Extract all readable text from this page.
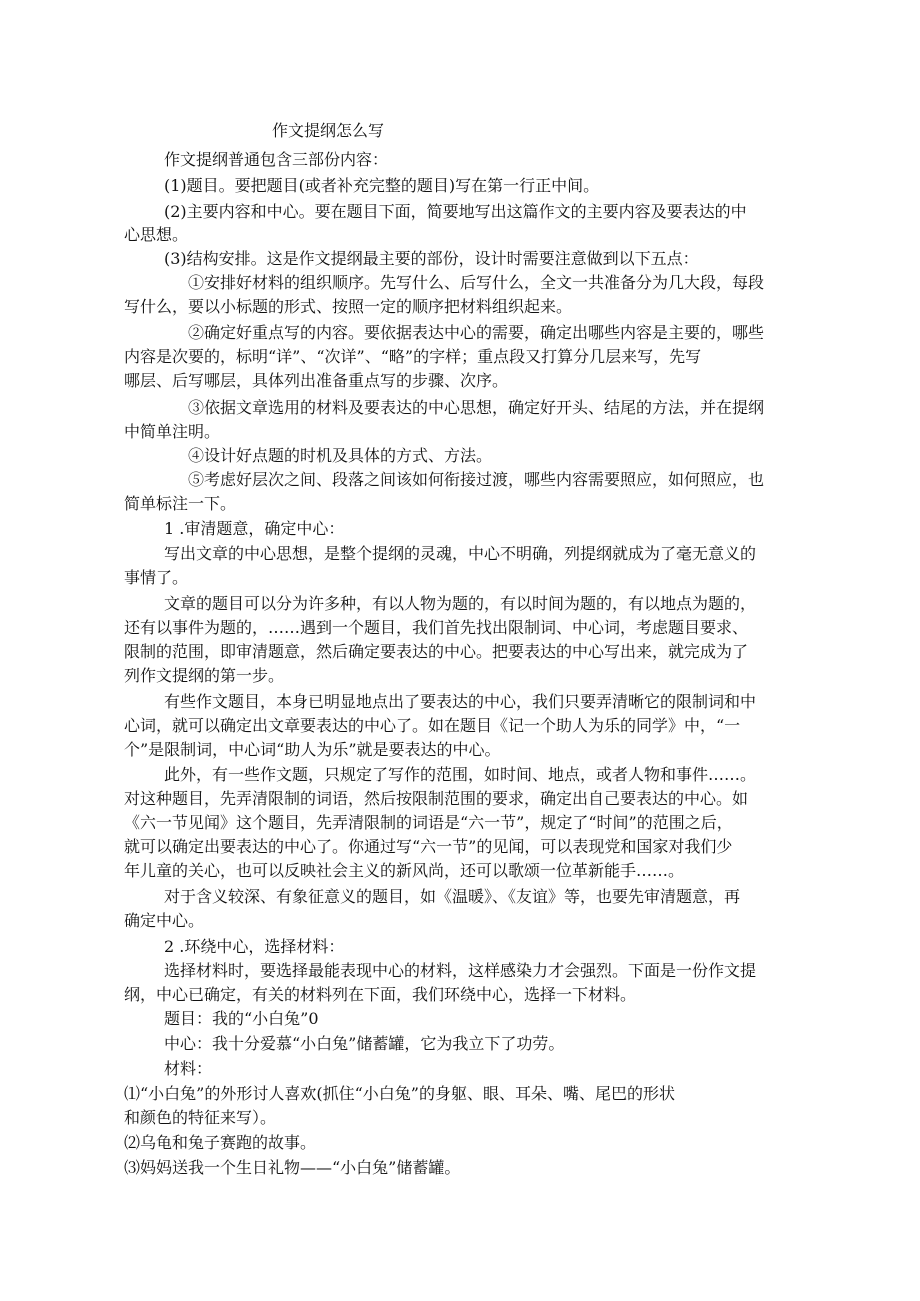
作文提纲怎么写
作文提纲普通包含三部份内容：
(1)题目。要把题目(或者补充完整的题目)写在第一行正中间。
(2)主要内容和中心。要在题目下面，简要地写出这篇作文的主要内容及要表达的中
心思想。
(3)结构安排。这是作文提纲最主要的部份，设计时需要注意做到以下五点：
①安排好材料的组织顺序。先写什么、后写什么，全文一共准备分为几大段，每段
写什么，要以小标题的形式、按照一定的顺序把材料组织起来。
②确定好重点写的内容。要依据表达中心的需要，确定出哪些内容是主要的，哪些
内容是次要的，标明“详”、“次详”、“略”的字样；重点段又打算分几层来写，先写
哪层、后写哪层，具体列出准备重点写的步骤、次序。
③依据文章选用的材料及要表达的中心思想，确定好开头、结尾的方法，并在提纲
中简单注明。
④设计好点题的时机及具体的方式、方法。
⑤考虑好层次之间、段落之间该如何衔接过渡，哪些内容需要照应，如何照应，也
简单标注一下。
1 .审清题意，确定中心：
写出文章的中心思想，是整个提纲的灵魂，中心不明确，列提纲就成为了毫无意义的
事情了。
文章的题目可以分为许多种，有以人物为题的，有以时间为题的，有以地点为题的，
还有以事件为题的，……遇到一个题目，我们首先找出限制词、中心词，考虑题目要求、
限制的范围，即审清题意，然后确定要表达的中心。把要表达的中心写出来，就完成为了
列作文提纲的第一步。
有些作文题目，本身已明显地点出了要表达的中心，我们只要弄清晰它的限制词和中
心词，就可以确定出文章要表达的中心了。如在题目《记一个助人为乐的同学》中，“一
个”是限制词，中心词“助人为乐”就是要表达的中心。
此外，有一些作文题，只规定了写作的范围，如时间、地点，或者人物和事件……。
对这种题目，先弄清限制的词语，然后按限制范围的要求，确定出自己要表达的中心。如
《六一节见闻》这个题目，先弄清限制的词语是“六一节”，规定了“时间”的范围之后，
就可以确定出要表达的中心了。你通过写“六一节”的见闻，可以表现党和国家对我们少
年儿童的关心，也可以反映社会主义的新风尚，还可以歌颂一位革新能手……。
对于含义较深、有象征意义的题目，如《温暖》、《友谊》等，也要先审清题意，再
确定中心。
2 .环绕中心，选择材料：
选择材料时，要选择最能表现中心的材料，这样感染力才会强烈。下面是一份作文提
纲，中心已确定，有关的材料列在下面，我们环绕中心，选择一下材料。
题目：我的“小白兔”0
中心：我十分爱慕“小白兔”储蓄罐，它为我立下了功劳。
材料：
⑴“小白兔”的外形讨人喜欢(抓住“小白兔”的身躯、眼、耳朵、嘴、尾巴的形状
和颜色的特征来写）。
⑵乌龟和兔子赛跑的故事。
⑶妈妈送我一个生日礼物——“小白兔”储蓄罐。
